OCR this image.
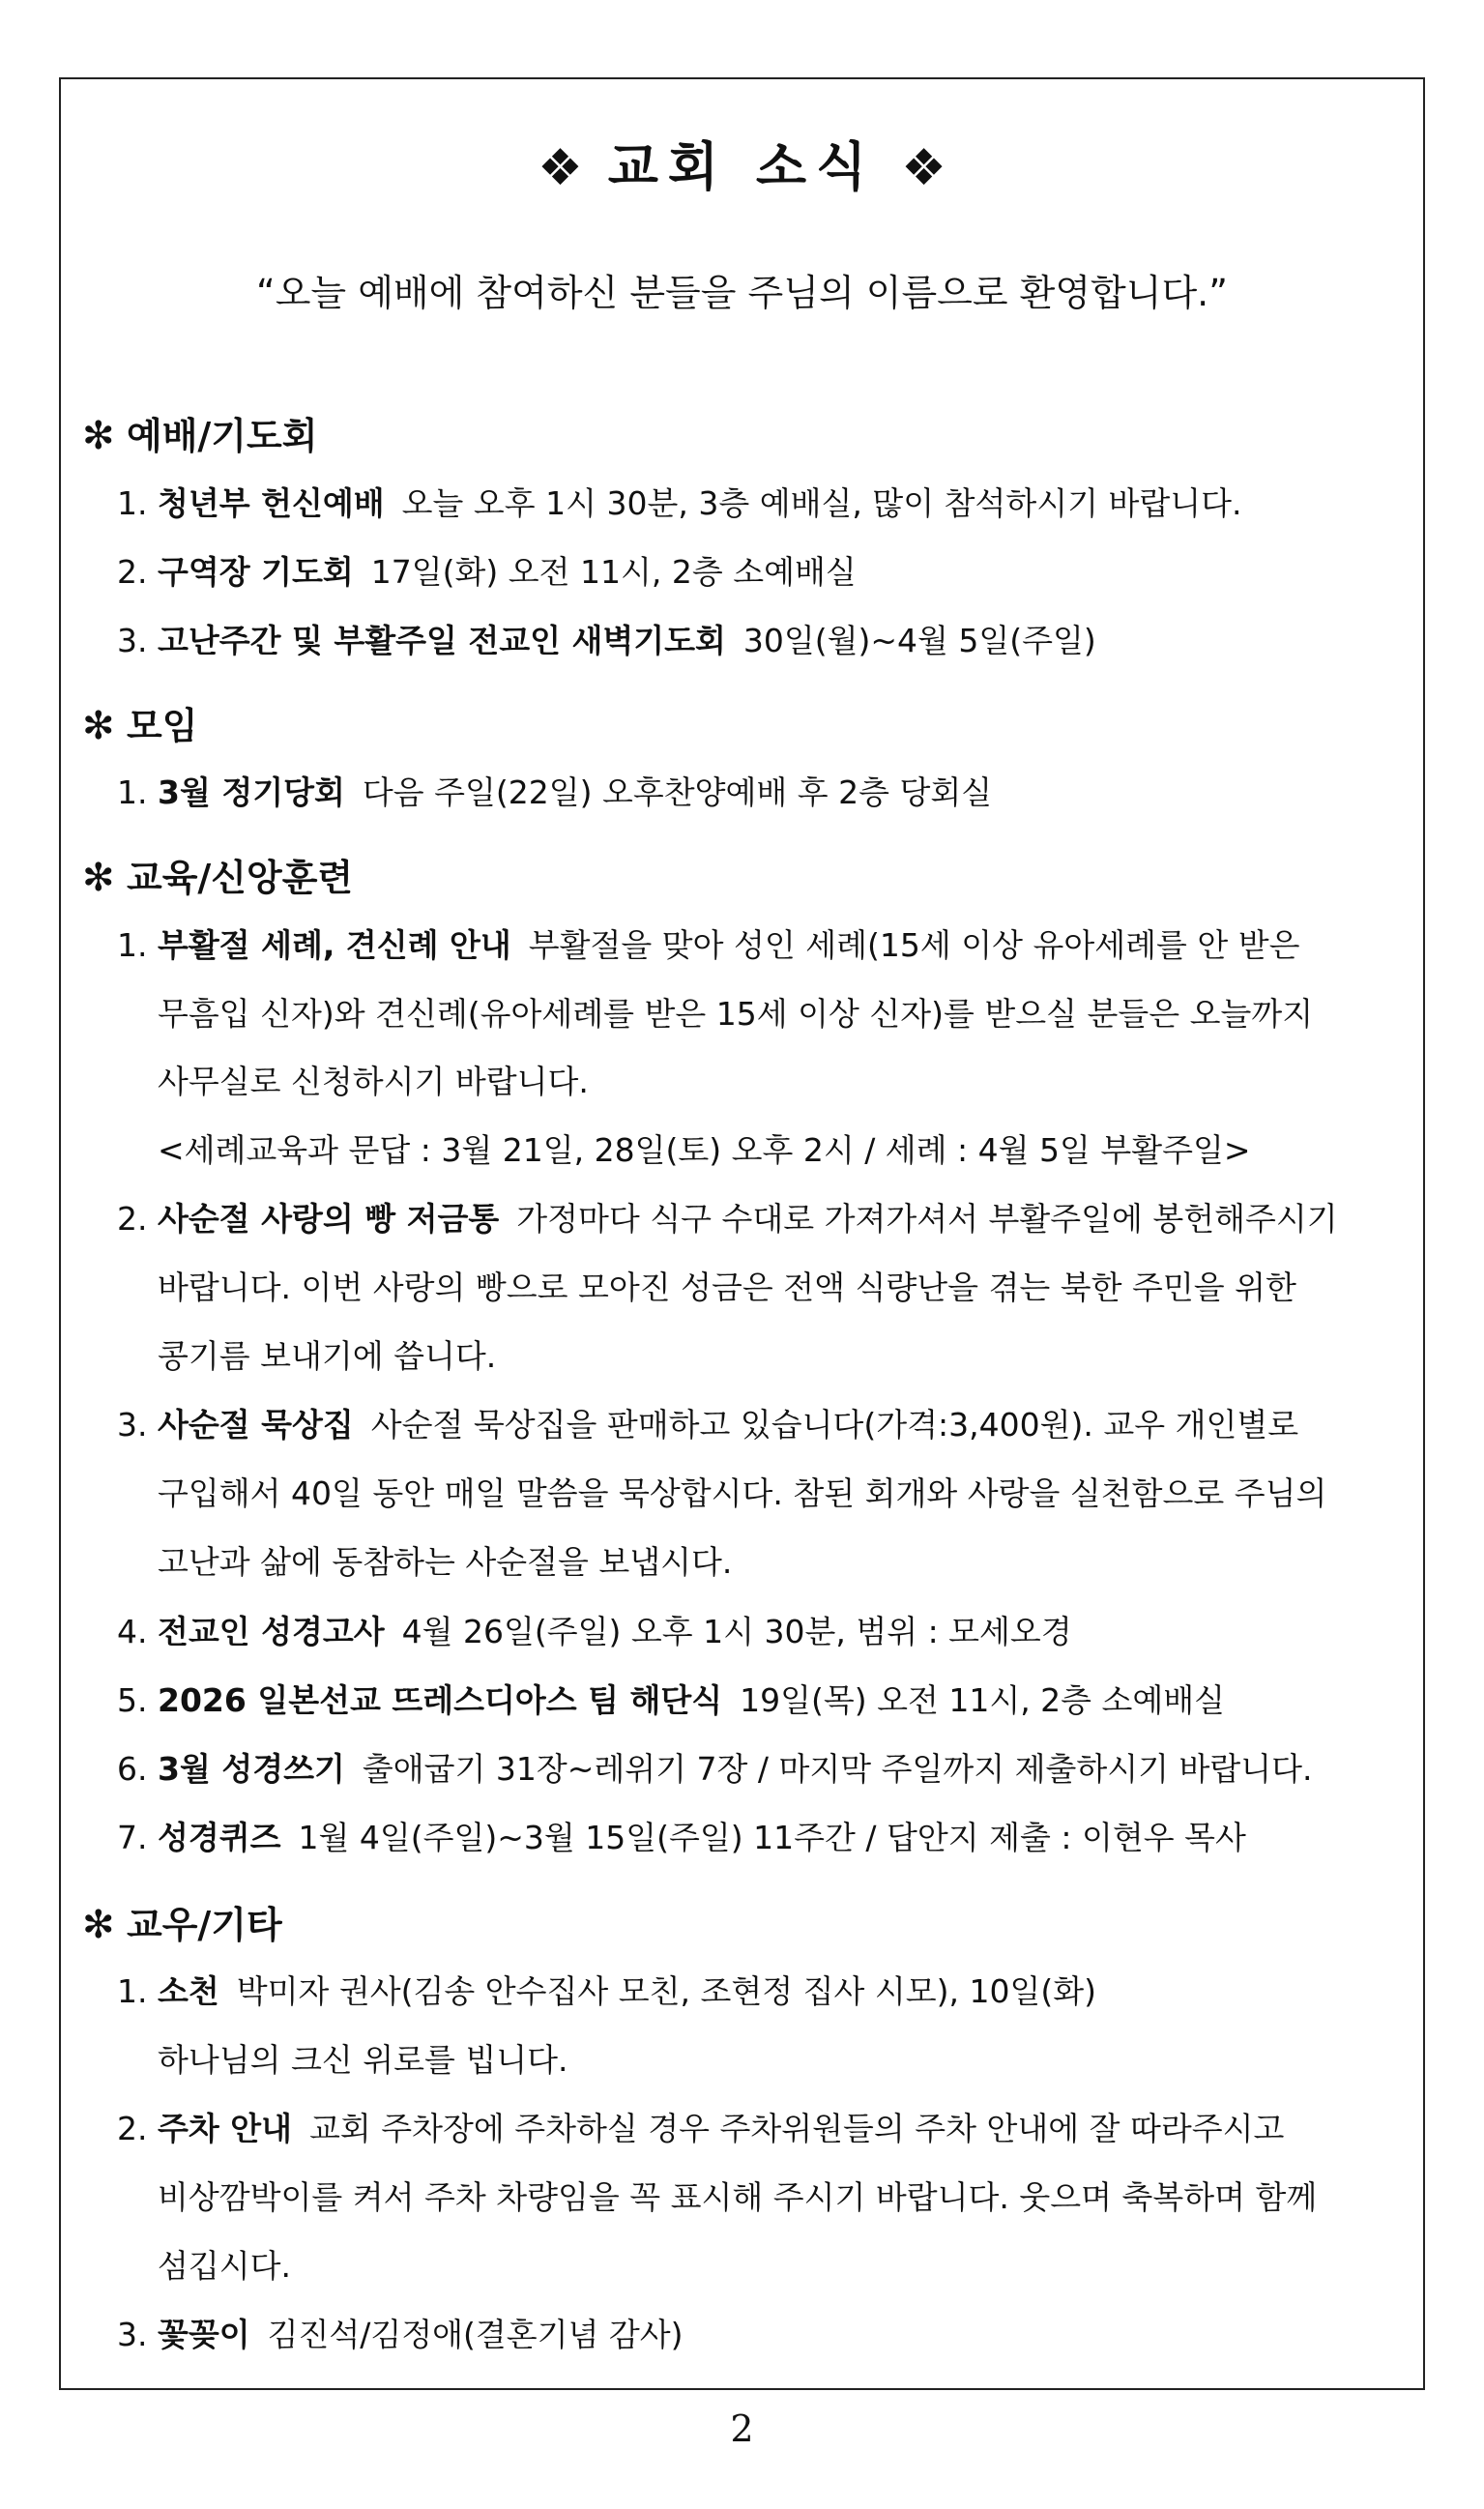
❖ 교회 소식 ❖
“오늘 예배에 참여하신 분들을 주님의 이름으로 환영합니다.”
✻ 예배/기도회
1. 청년부 헌신예배 오늘 오후 1시 30분, 3층 예배실, 많이 참석하시기 바랍니다.
2. 구역장 기도회 17일(화) 오전 11시, 2층 소예배실
3. 고난주간 및 부활주일 전교인 새벽기도회 30일(월)~4월 5일(주일)
✻ 모임
1. 3월 정기당회 다음 주일(22일) 오후찬양예배 후 2층 당회실
✻ 교육/신앙훈련
1. 부활절 세례, 견신례 안내 부활절을 맞아 성인 세례(15세 이상 유아세례를 안 받은
무흠입 신자)와 견신례(유아세례를 받은 15세 이상 신자)를 받으실 분들은 오늘까지
사무실로 신청하시기 바랍니다.
<세례교육과 문답 : 3월 21일, 28일(토) 오후 2시 / 세례 : 4월 5일 부활주일>
2. 사순절 사랑의 빵 저금통 가정마다 식구 수대로 가져가셔서 부활주일에 봉헌해주시기
바랍니다. 이번 사랑의 빵으로 모아진 성금은 전액 식량난을 겪는 북한 주민을 위한
콩기름 보내기에 씁니다.
3. 사순절 묵상집 사순절 묵상집을 판매하고 있습니다(가격:3,400원). 교우 개인별로
구입해서 40일 동안 매일 말씀을 묵상합시다. 참된 회개와 사랑을 실천함으로 주님의
고난과 삶에 동참하는 사순절을 보냅시다.
4. 전교인 성경고사 4월 26일(주일) 오후 1시 30분, 범위 : 모세오경
5. 2026 일본선교 뜨레스디아스 팀 해단식 19일(목) 오전 11시, 2층 소예배실
6. 3월 성경쓰기 출애굽기 31장~레위기 7장 / 마지막 주일까지 제출하시기 바랍니다.
7. 성경퀴즈 1월 4일(주일)~3월 15일(주일) 11주간 / 답안지 제출 : 이현우 목사
✻ 교우/기타
1. 소천 박미자 권사(김송 안수집사 모친, 조현정 집사 시모), 10일(화)
하나님의 크신 위로를 빕니다.
2. 주차 안내 교회 주차장에 주차하실 경우 주차위원들의 주차 안내에 잘 따라주시고
비상깜박이를 켜서 주차 차량임을 꼭 표시해 주시기 바랍니다. 웃으며 축복하며 함께
섬깁시다.
3. 꽃꽂이 김진석/김정애(결혼기념 감사)
2
